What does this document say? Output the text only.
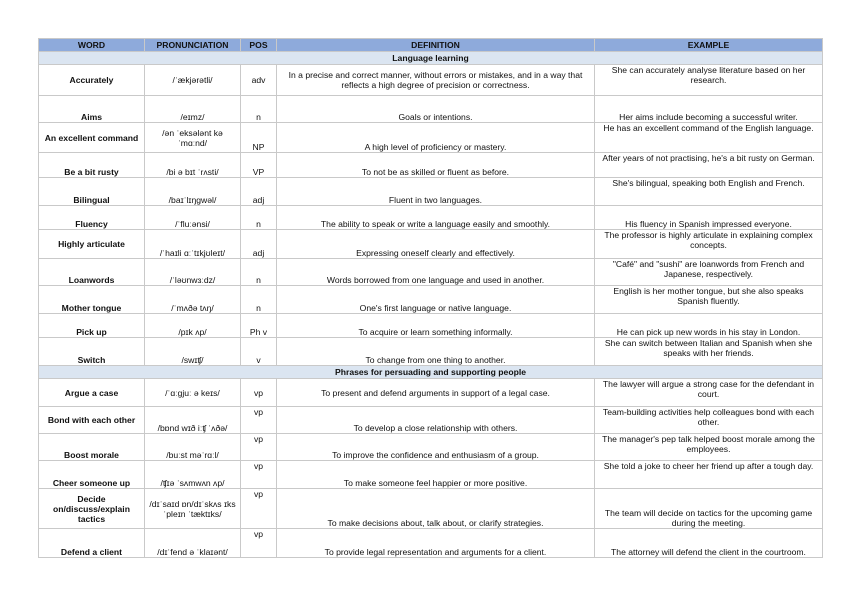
WORD	PRONUNCIATION	POS	DEFINITION	EXAMPLE
Language learning				
Accurately	/ˈækjərətli/	adv	In a precise and correct manner, without errors or mistakes, and in a way that reflects a high degree of precision or correctness.	She can accurately analyse literature based on her research.
Aims	/eɪmz/	n	Goals or intentions.	Her aims include becoming a successful writer.
An excellent command	/ən ˈeksələnt kəˈmɑːnd/	NP	A high level of proficiency or mastery.	He has an excellent command of the English language.
Be a bit rusty	/bi ə bɪt ˈrʌsti/	VP	To not be as skilled or fluent as before.	After years of not practising, he's a bit rusty on German.
Bilingual	/baɪˈlɪŋgwəl/	adj	Fluent in two languages.	She's bilingual, speaking both English and French.
Fluency	/ˈfluːənsi/	n	The ability to speak or write a language easily and smoothly.	His fluency in Spanish impressed everyone.
Highly articulate	/ˈhaɪli ɑːˈtɪkjʊleɪt/	adj	Expressing oneself clearly and effectively.	The professor is highly articulate in explaining complex concepts.
Loanwords	/ˈləʊnwɜːdz/	n	Words borrowed from one language and used in another.	"Café" and "sushi" are loanwords from French and Japanese, respectively.
Mother tongue	/ˈmʌðə tʌŋ/	n	One's first language or native language.	English is her mother tongue, but she also speaks Spanish fluently.
Pick up	/pɪk ʌp/	Ph v	To acquire or learn something informally.	He can pick up new words in his stay in London.
Switch	/swɪʧ/	v	To change from one thing to another.	She can switch between Italian and Spanish when she speaks with her friends.
Phrases for persuading and supporting people				
Argue a case	/ˈɑːgjuː ə keɪs/	vp	To present and defend arguments in support of a legal case.	The lawyer will argue a strong case for the defendant in court.
Bond with each other	/bɒnd wɪð iːʧ ˈʌðə/	vp	To develop a close relationship with others.	Team-building activities help colleagues bond with each other.
Boost morale	/buːst məˈrɑːl/	vp	To improve the confidence and enthusiasm of a group.	The manager's pep talk helped boost morale among the employees.
Cheer someone up	/ʧɪə ˈsʌmwʌn ʌp/	vp	To make someone feel happier or more positive.	She told a joke to cheer her friend up after a tough day.
Decide on/discuss/explain tactics	/dɪˈsaɪd ɒn/dɪˈskʌs ɪksˈpleɪn ˈtæktɪks/	vp	To make decisions about, talk about, or clarify strategies.	The team will decide on tactics for the upcoming game during the meeting.
Defend a client	/dɪˈfend ə ˈklaɪənt/	vp	To provide legal representation and arguments for a client.	The attorney will defend the client in the courtroom.
